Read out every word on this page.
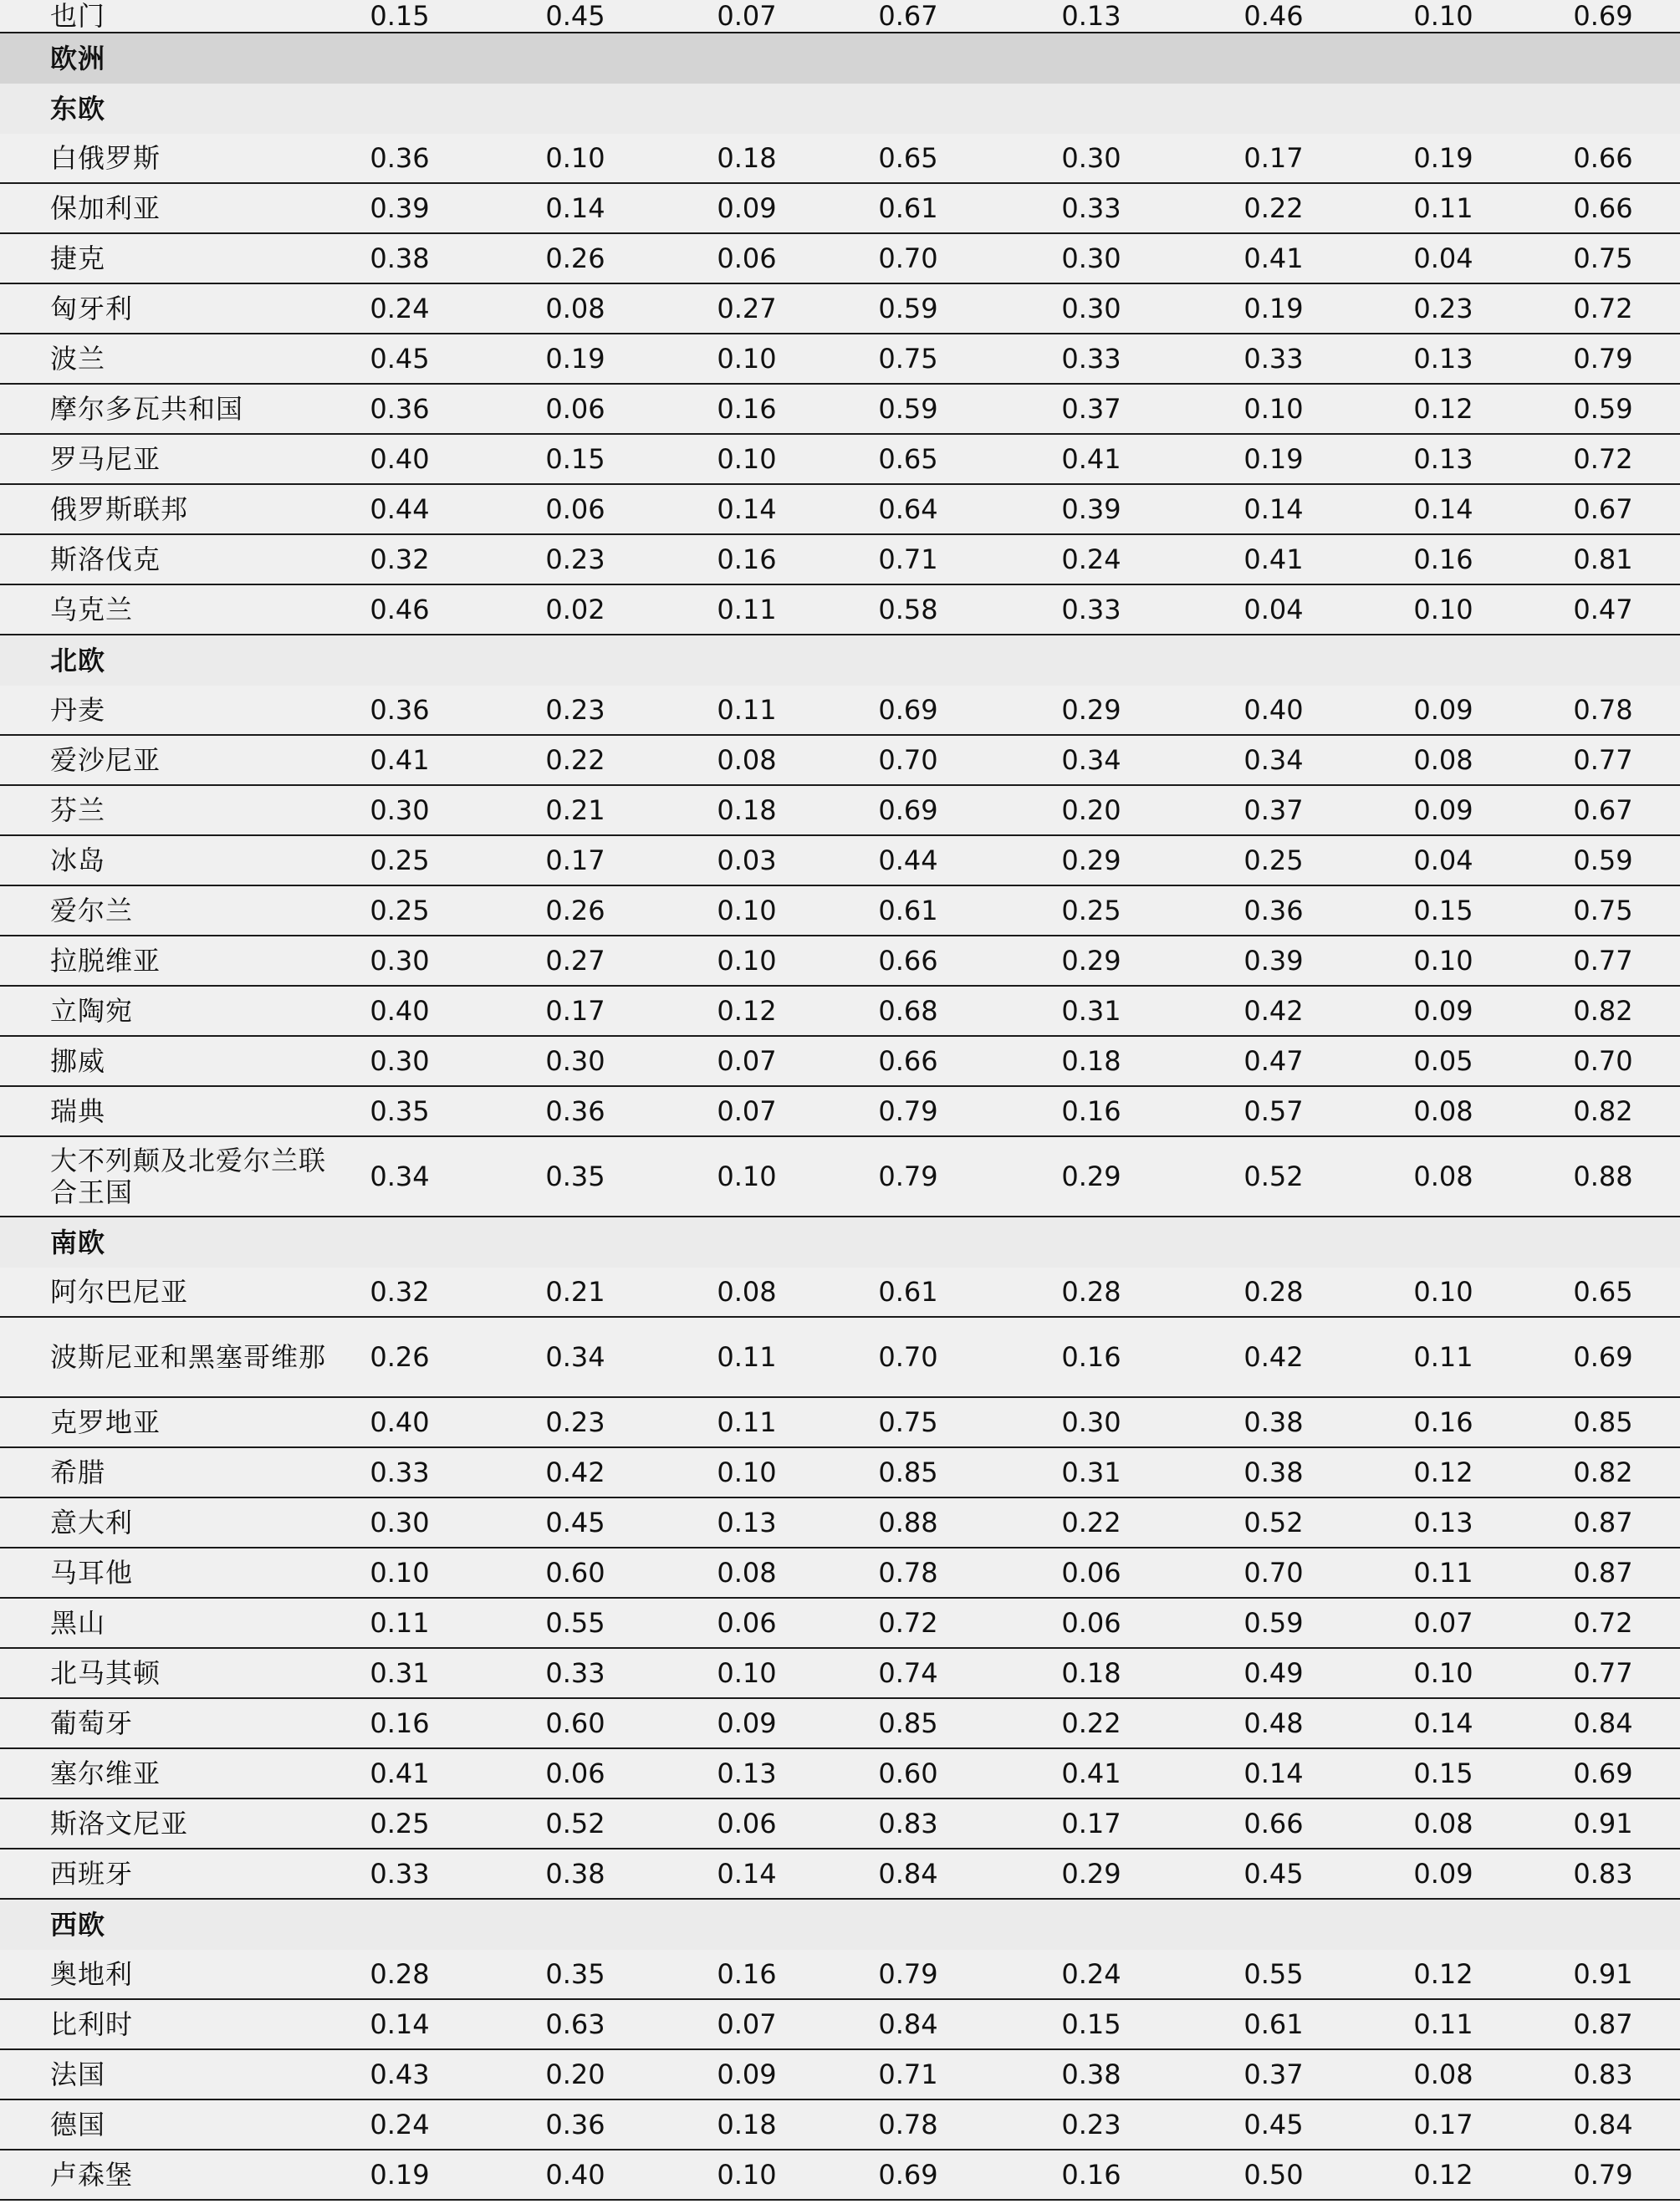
也门	0.15	0.45	0.07	0.67	0.13	0.46	0.10	0.69
欧洲
东欧
白俄罗斯	0.36	0.10	0.18	0.65	0.30	0.17	0.19	0.66
保加利亚	0.39	0.14	0.09	0.61	0.33	0.22	0.11	0.66
捷克	0.38	0.26	0.06	0.70	0.30	0.41	0.04	0.75
匈牙利	0.24	0.08	0.27	0.59	0.30	0.19	0.23	0.72
波兰	0.45	0.19	0.10	0.75	0.33	0.33	0.13	0.79
摩尔多瓦共和国	0.36	0.06	0.16	0.59	0.37	0.10	0.12	0.59
罗马尼亚	0.40	0.15	0.10	0.65	0.41	0.19	0.13	0.72
俄罗斯联邦	0.44	0.06	0.14	0.64	0.39	0.14	0.14	0.67
斯洛伐克	0.32	0.23	0.16	0.71	0.24	0.41	0.16	0.81
乌克兰	0.46	0.02	0.11	0.58	0.33	0.04	0.10	0.47
北欧
丹麦	0.36	0.23	0.11	0.69	0.29	0.40	0.09	0.78
爱沙尼亚	0.41	0.22	0.08	0.70	0.34	0.34	0.08	0.77
芬兰	0.30	0.21	0.18	0.69	0.20	0.37	0.09	0.67
冰岛	0.25	0.17	0.03	0.44	0.29	0.25	0.04	0.59
爱尔兰	0.25	0.26	0.10	0.61	0.25	0.36	0.15	0.75
拉脱维亚	0.30	0.27	0.10	0.66	0.29	0.39	0.10	0.77
立陶宛	0.40	0.17	0.12	0.68	0.31	0.42	0.09	0.82
挪威	0.30	0.30	0.07	0.66	0.18	0.47	0.05	0.70
瑞典	0.35	0.36	0.07	0.79	0.16	0.57	0.08	0.82
大不列颠及北爱尔兰联合王国	0.34	0.35	0.10	0.79	0.29	0.52	0.08	0.88
南欧
阿尔巴尼亚	0.32	0.21	0.08	0.61	0.28	0.28	0.10	0.65
波斯尼亚和黑塞哥维那	0.26	0.34	0.11	0.70	0.16	0.42	0.11	0.69
克罗地亚	0.40	0.23	0.11	0.75	0.30	0.38	0.16	0.85
希腊	0.33	0.42	0.10	0.85	0.31	0.38	0.12	0.82
意大利	0.30	0.45	0.13	0.88	0.22	0.52	0.13	0.87
马耳他	0.10	0.60	0.08	0.78	0.06	0.70	0.11	0.87
黑山	0.11	0.55	0.06	0.72	0.06	0.59	0.07	0.72
北马其顿	0.31	0.33	0.10	0.74	0.18	0.49	0.10	0.77
葡萄牙	0.16	0.60	0.09	0.85	0.22	0.48	0.14	0.84
塞尔维亚	0.41	0.06	0.13	0.60	0.41	0.14	0.15	0.69
斯洛文尼亚	0.25	0.52	0.06	0.83	0.17	0.66	0.08	0.91
西班牙	0.33	0.38	0.14	0.84	0.29	0.45	0.09	0.83
西欧
奥地利	0.28	0.35	0.16	0.79	0.24	0.55	0.12	0.91
比利时	0.14	0.63	0.07	0.84	0.15	0.61	0.11	0.87
法国	0.43	0.20	0.09	0.71	0.38	0.37	0.08	0.83
德国	0.24	0.36	0.18	0.78	0.23	0.45	0.17	0.84
卢森堡	0.19	0.40	0.10	0.69	0.16	0.50	0.12	0.79
